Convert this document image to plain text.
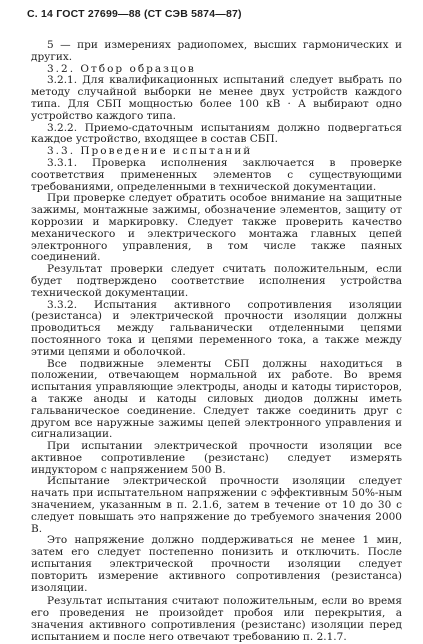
С. 14 ГОСТ 27699—88 (СТ СЭВ 5874—87)

5 — при измерениях радиопомех, высших гармонических и других.

3.2. Отбор образцов

3.2.1. Для квалификационных испытаний следует выбрать по методу случайной выборки не менее двух устройств каждого типа. Для СБП мощностью более 100 кВ · А выбирают одно устройство каждого типа.

3.2.2. Приемо-сдаточным испытаниям должно подвергаться каждое устройство, входящее в состав СБП.

3.3. Проведение испытаний

3.3.1. Проверка исполнения заключается в проверке соответствия примененных элементов с существующими требованиями, определенными в технической документации.

При проверке следует обратить особое внимание на защитные зажимы, монтажные зажимы, обозначение элементов, защиту от коррозии и маркировку. Следует также проверить качество механического и электрического монтажа главных цепей электронного управления, в том числе также паяных соединений.

Результат проверки следует считать положительным, если будет подтверждено соответствие исполнения устройства технической документации.

3.3.2. Испытания активного сопротивления изоляции (резистанса) и электрической прочности изоляции должны проводиться между гальванически отделенными цепями постоянного тока и цепями переменного тока, а также между этими цепями и оболочкой.

Все подвижные элементы СБП должны находиться в положении, отвечающем нормальной их работе. Во время испытания управляющие электроды, аноды и катоды тиристоров, а также аноды и катоды силовых диодов должны иметь гальваническое соединение. Следует также соединить друг с другом все наружные зажимы цепей электронного управления и сигнализации.

При испытании электрической прочности изоляции все активное сопротивление (резистанс) следует измерять индуктором с напряжением 500 В.

Испытание электрической прочности изоляции следует начать при испытательном напряжении с эффективным 50%-ным значением, указанным в п. 2.1.6, затем в течение от 10 до 30 с следует повышать это напряжение до требуемого значения 2000 В.

Это напряжение должно поддерживаться не менее 1 мин, затем его следует постепенно понизить и отключить. После испытания электрической прочности изоляции следует повторить измерение активного сопротивления (резистанса) изоляции.

Результат испытания считают положительным, если во время его проведения не произойдет пробоя или перекрытия, а значения активного сопротивления (резистанс) изоляции перед испытанием и после него отвечают требованию п. 2.1.7.
